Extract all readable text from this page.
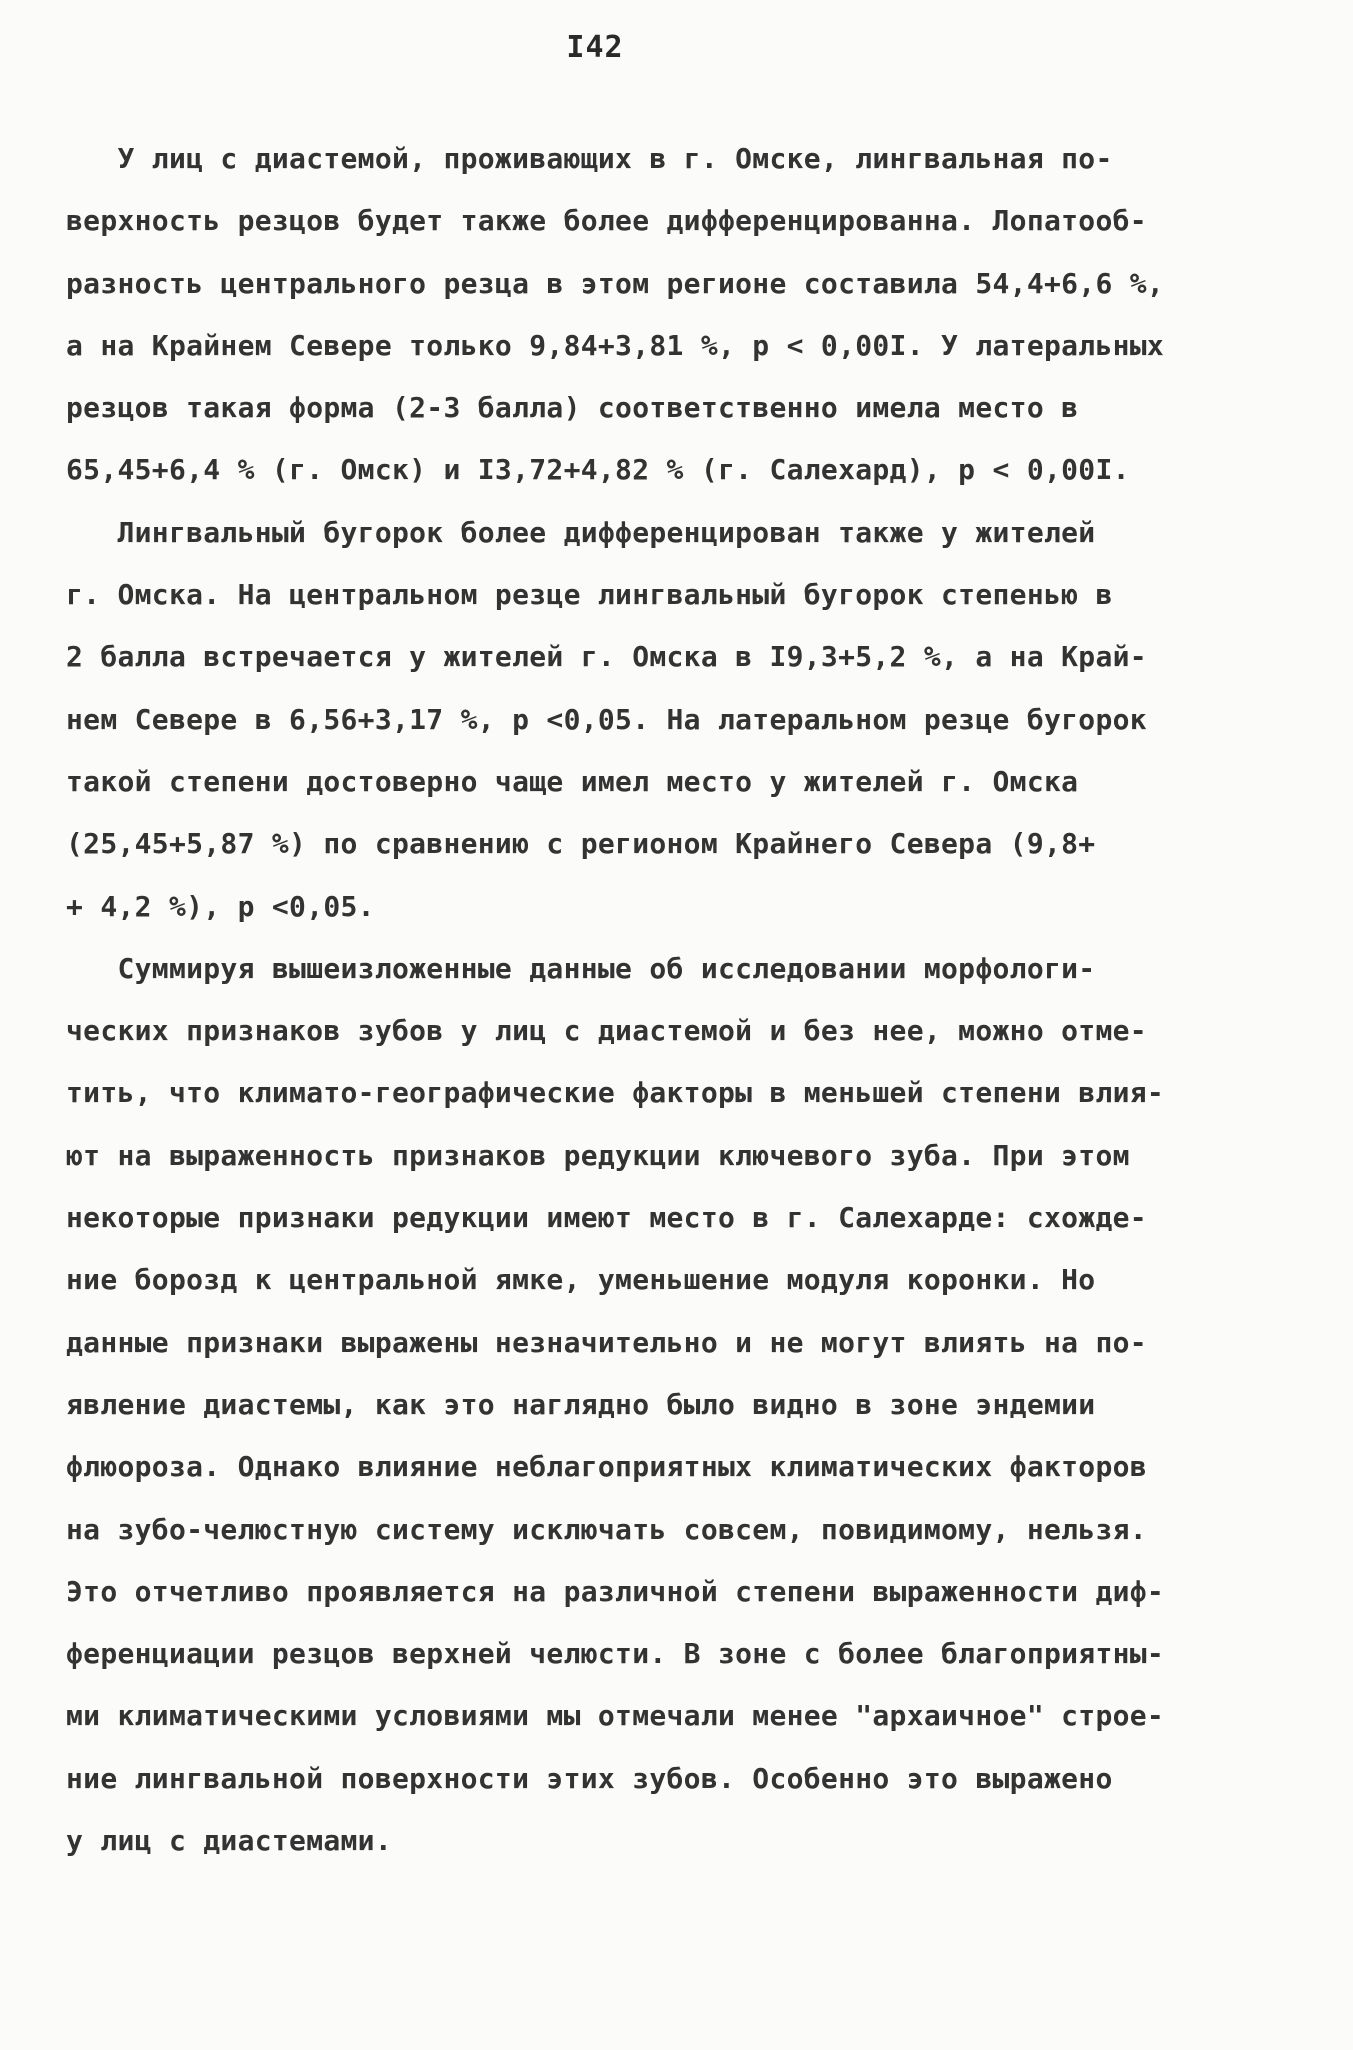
I42
У лиц с диастемой, проживающих в г. Омске, лингвальная по-
верхность резцов будет также более дифференцированна. Лопатооб-
разность центрального резца в этом регионе составила 54,4+6,6 %,
а на Крайнем Севере только 9,84+3,81 %, р < 0,00I. У латеральных
резцов такая форма (2-3 балла) соответственно имела место в
65,45+6,4 % (г. Омск) и I3,72+4,82 % (г. Салехард), р < 0,00I.
Лингвальный бугорок более дифференцирован также у жителей
г. Омска. На центральном резце лингвальный бугорок степенью в
2 балла встречается у жителей г. Омска в I9,3+5,2 %, а на Край-
нем Севере в 6,56+3,17 %, р <0,05. На латеральном резце бугорок
такой степени достоверно чаще имел место у жителей г. Омска
(25,45+5,87 %) по сравнению с регионом Крайнего Севера (9,8+
+ 4,2 %), р <0,05.
Суммируя вышеизложенные данные об исследовании морфологи-
ческих признаков зубов у лиц с диастемой и без нее, можно отме-
тить, что климато-географические факторы в меньшей степени влия-
ют на выраженность признаков редукции ключевого зуба. При этом
некоторые признаки редукции имеют место в г. Салехарде: схожде-
ние борозд к центральной ямке, уменьшение модуля коронки. Но
данные признаки выражены незначительно и не могут влиять на по-
явление диастемы, как это наглядно было видно в зоне эндемии
флюороза. Однако влияние неблагоприятных климатических факторов
на зубо-челюстную систему исключать совсем, повидимому, нельзя.
Это отчетливо проявляется на различной степени выраженности диф-
ференциации резцов верхней челюсти. В зоне с более благоприятны-
ми климатическими условиями мы отмечали менее "архаичное" строе-
ние лингвальной поверхности этих зубов. Особенно это выражено
у лиц с диастемами.
